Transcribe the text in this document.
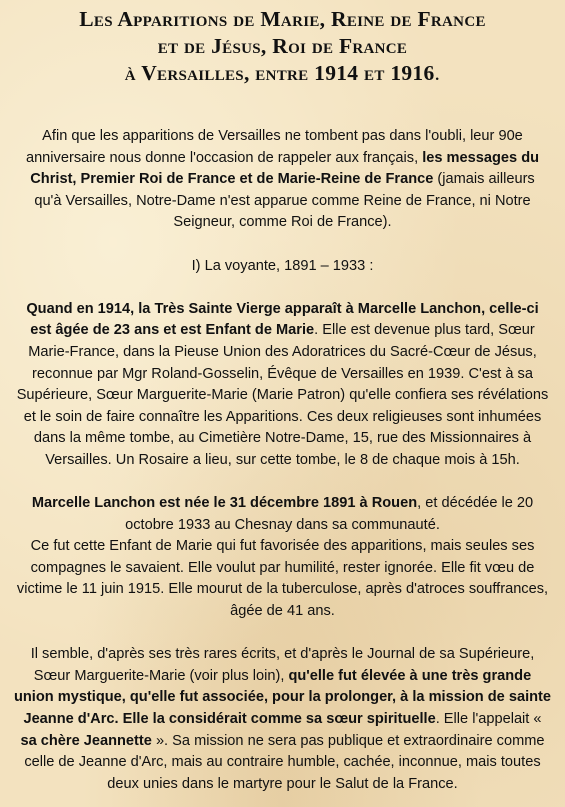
Les Apparitions de Marie, Reine de France
et de Jésus, Roi de France
à Versailles, entre 1914 et 1916.

Afin que les apparitions de Versailles ne tombent pas dans l'oubli, leur 90e
anniversaire nous donne l'occasion de rappeler aux français, les messages du
Christ, Premier Roi de France et de Marie-Reine de France (jamais ailleurs
qu'à Versailles, Notre-Dame n'est apparue comme Reine de France, ni Notre
Seigneur, comme Roi de France).

I) La voyante, 1891 – 1933 :

Quand en 1914, la Très Sainte Vierge apparaît à Marcelle Lanchon, celle-ci
est âgée de 23 ans et est Enfant de Marie. Elle est devenue plus tard, Sœur
Marie-France, dans la Pieuse Union des Adoratrices du Sacré-Cœur de Jésus,
reconnue par Mgr Roland-Gosselin, Évêque de Versailles en 1939. C'est à sa
Supérieure, Sœur Marguerite-Marie (Marie Patron) qu'elle confiera ses révélations
et le soin de faire connaître les Apparitions. Ces deux religieuses sont inhumées
dans la même tombe, au Cimetière Notre-Dame, 15, rue des Missionnaires à
Versailles. Un Rosaire a lieu, sur cette tombe, le 8 de chaque mois à 15h.

Marcelle Lanchon est née le 31 décembre 1891 à Rouen, et décédée le 20
octobre 1933 au Chesnay dans sa communauté.
Ce fut cette Enfant de Marie qui fut favorisée des apparitions, mais seules ses
compagnes le savaient. Elle voulut par humilité, rester ignorée. Elle fit vœu de
victime le 11 juin 1915. Elle mourut de la tuberculose, après d'atroces souffrances,
âgée de 41 ans.

Il semble, d'après ses très rares écrits, et d'après le Journal de sa Supérieure,
Sœur Marguerite-Marie (voir plus loin), qu'elle fut élevée à une très grande
union mystique, qu'elle fut associée, pour la prolonger, à la mission de sainte
Jeanne d'Arc. Elle la considérait comme sa sœur spirituelle. Elle l'appelait «
sa chère Jeannette ». Sa mission ne sera pas publique et extraordinaire comme
celle de Jeanne d'Arc, mais au contraire humble, cachée, inconnue, mais toutes
deux unies dans le martyre pour le Salut de la France.
